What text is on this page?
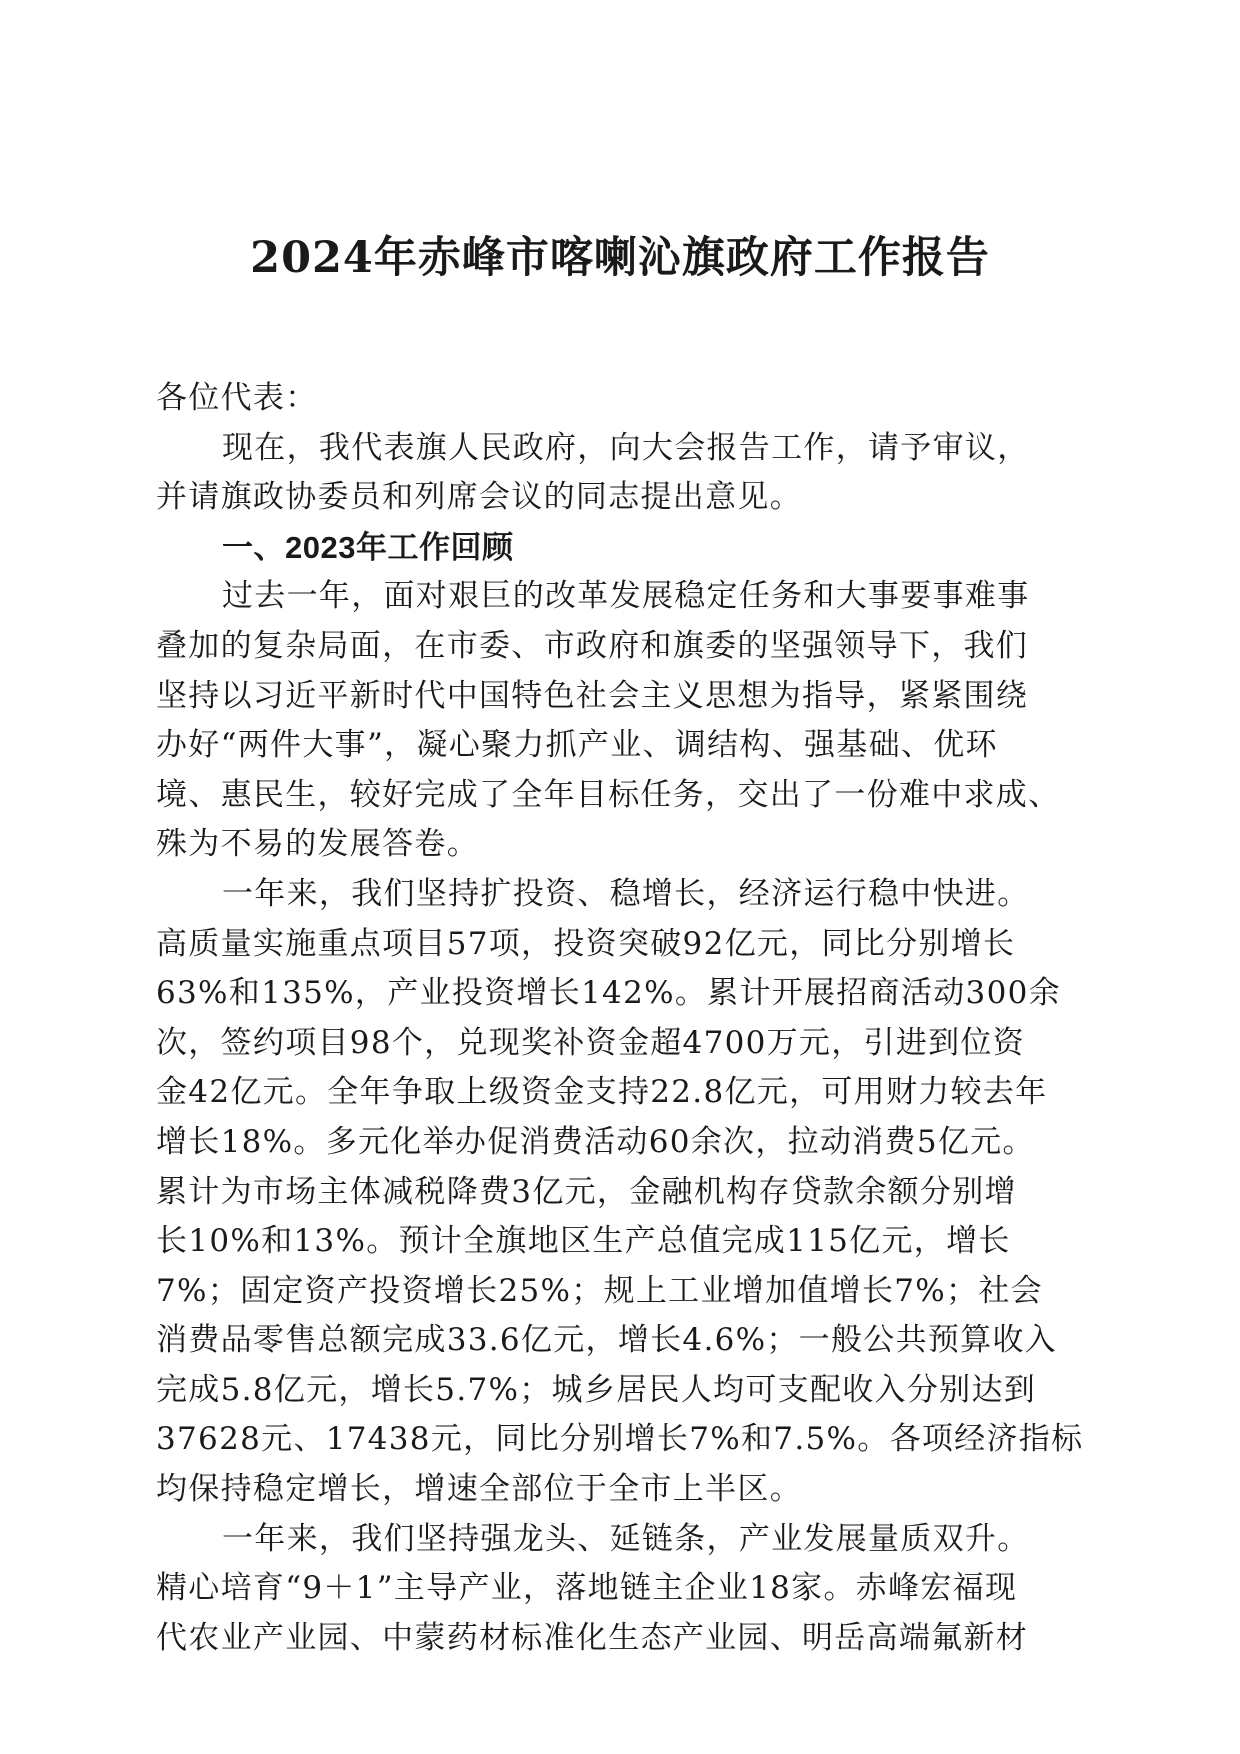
2024年赤峰市喀喇沁旗政府工作报告
各位代表：
现在，我代表旗人民政府，向大会报告工作，请予审议，
并请旗政协委员和列席会议的同志提出意见。
一、2023年工作回顾
过去一年，面对艰巨的改革发展稳定任务和大事要事难事
叠加的复杂局面，在市委、市政府和旗委的坚强领导下，我们
坚持以习近平新时代中国特色社会主义思想为指导，紧紧围绕
办好“两件大事”，凝心聚力抓产业、调结构、强基础、优环
境、惠民生，较好完成了全年目标任务，交出了一份难中求成、
殊为不易的发展答卷。
一年来，我们坚持扩投资、稳增长，经济运行稳中快进。
高质量实施重点项目57项，投资突破92亿元，同比分别增长
63%和135%，产业投资增长142%。累计开展招商活动300余
次，签约项目98个，兑现奖补资金超4700万元，引进到位资
金42亿元。全年争取上级资金支持22.8亿元，可用财力较去年
增长18%。多元化举办促消费活动60余次，拉动消费5亿元。
累计为市场主体减税降费3亿元，金融机构存贷款余额分别增
长10%和13%。预计全旗地区生产总值完成115亿元，增长
7%；固定资产投资增长25%；规上工业增加值增长7%；社会
消费品零售总额完成33.6亿元，增长4.6%；一般公共预算收入
完成5.8亿元，增长5.7%；城乡居民人均可支配收入分别达到
37628元、17438元，同比分别增长7%和7.5%。各项经济指标
均保持稳定增长，增速全部位于全市上半区。
一年来，我们坚持强龙头、延链条，产业发展量质双升。
精心培育“9＋1”主导产业，落地链主企业18家。赤峰宏福现
代农业产业园、中蒙药材标准化生态产业园、明岳高端氟新材
